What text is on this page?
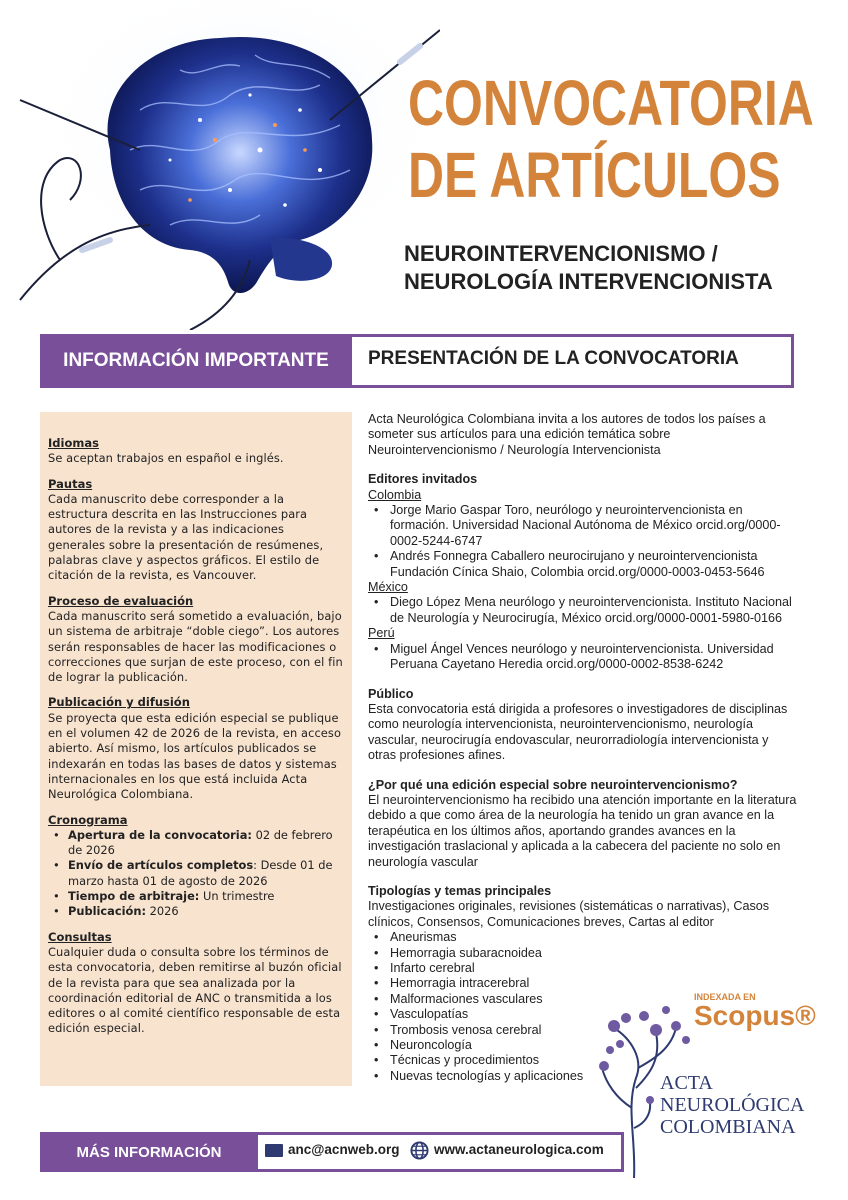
CONVOCATORIA
DE ARTÍCULOS
NEUROINTERVENCIONISMO /
NEUROLOGÍA INTERVENCIONISTA
INFORMACIÓN IMPORTANTE	PRESENTACIÓN DE LA CONVOCATORIA
Idiomas

Se aceptan trabajos en español e inglés.

Pautas

Cada manuscrito debe corresponder a la estructura descrita en las Instrucciones para autores de la revista y a las indicaciones generales sobre la presentación de resúmenes, palabras clave y aspectos gráficos. El estilo de citación de la revista, es Vancouver.

Proceso de evaluación

Cada manuscrito será sometido a evaluación, bajo un sistema de arbitraje “doble ciego”. Los autores serán responsables de hacer las modificaciones o correcciones que surjan de este proceso, con el fin de lograr la publicación.

Publicación y difusión

Se proyecta que esta edición especial se publique en el volumen 42 de 2026 de la revista, en acceso abierto. Así mismo, los artículos publicados se indexarán en todas las bases de datos y sistemas internacionales en los que está incluida Acta Neurológica Colombiana.

Cronograma
• Apertura de la convocatoria: 02 de febrero de 2026
• Envío de artículos completos: Desde 01 de marzo hasta 01 de agosto de 2026
• Tiempo de arbitraje: Un trimestre
• Publicación: 2026
Consultas

Cualquier duda o consulta sobre los términos de esta convocatoria, deben remitirse al buzón oficial de la revista para que sea analizada por la coordinación editorial de ANC o transmitida a los editores o al comité científico responsable de esta edición especial.

Acta Neurológica Colombiana invita a los autores de todos los países a someter sus artículos para una edición temática sobre Neurointervencionismo / Neurología Intervencionista

Editores invitados
Colombia
• Jorge Mario Gaspar Toro, neurólogo y neurointervencionista en formación. Universidad Nacional Autónoma de México orcid.org/0000-0002-5244-6747
• Andrés Fonnegra Caballero neurocirujano y neurointervencionista Fundación Cínica Shaio, Colombia orcid.org/0000-0003-0453-5646
México
• Diego López Mena neurólogo y neurointervencionista. Instituto Nacional de Neurología y Neurocirugía, México orcid.org/0000-0001-5980-0166
Perú
• Miguel Ángel Vences neurólogo y neurointervencionista. Universidad Peruana Cayetano Heredia orcid.org/0000-0002-8538-6242
Público

Esta convocatoria está dirigida a profesores o investigadores de disciplinas como neurología intervencionista, neurointervencionismo, neurología vascular, neurocirugía endovascular, neurorradiología intervencionista y otras profesiones afines.

¿Por qué una edición especial sobre neurointervencionismo?

El neurointervencionismo ha recibido una atención importante en la literatura debido a que como área de la neurología ha tenido un gran avance en la terapéutica en los últimos años, aportando grandes avances en la investigación traslacional y aplicada a la cabecera del paciente no solo en neurología vascular

Tipologías y temas principales

Investigaciones originales, revisiones (sistemáticas o narrativas), Casos clínicos, Consensos, Comunicaciones breves, Cartas al editor

• Aneurismas
• Hemorragia subaracnoidea
• Infarto cerebral
• Hemorragia intracerebral
• Malformaciones vasculares
• Vasculopatías
• Trombosis venosa cerebral
• Neuroncología
• Técnicas y procedimientos
• Nuevas tecnologías y aplicaciones
INDEXADA EN
Scopus®
ACTA
NEUROLÓGICA
COLOMBIANA
MÁS INFORMACIÓN	anc@acnweb.org	www.actaneurologica.com
